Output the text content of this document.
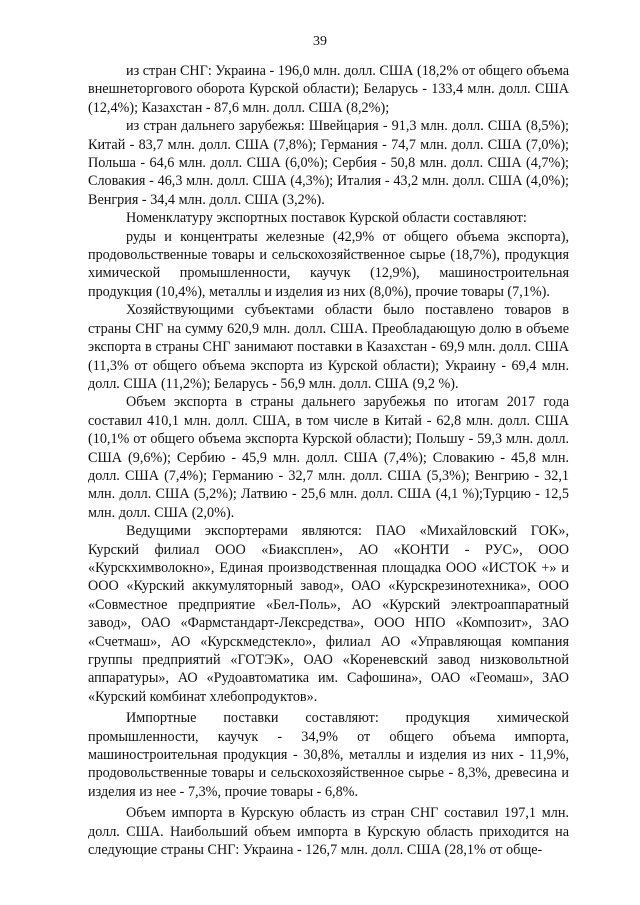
39

из стран СНГ: Украина - 196,0 млн. долл. США (18,2% от общего объема внешнеторгового оборота Курской области); Беларусь - 133,4 млн. долл. США (12,4%); Казахстан - 87,6 млн. долл. США (8,2%);

из стран дальнего зарубежья: Швейцария - 91,3 млн. долл. США (8,5%); Китай - 83,7 млн. долл. США (7,8%); Германия - 74,7 млн. долл. США (7,0%); Польша - 64,6 млн. долл. США (6,0%); Сербия - 50,8 млн. долл. США (4,7%); Словакия - 46,3 млн. долл. США (4,3%); Италия - 43,2 млн. долл. США (4,0%); Венгрия - 34,4 млн. долл. США (3,2%).

Номенклатуру экспортных поставок Курской области составляют:

руды и концентраты железные (42,9% от общего объема экспорта), продовольственные товары и сельскохозяйственное сырье (18,7%), продукция химической промышленности, каучук (12,9%), машиностроительная продукция (10,4%), металлы и изделия из них (8,0%), прочие товары (7,1%).

Хозяйствующими субъектами области было поставлено товаров в страны СНГ на сумму 620,9 млн. долл. США. Преобладающую долю в объеме экспорта в страны СНГ занимают поставки в Казахстан - 69,9 млн. долл. США (11,3% от общего объема экспорта из Курской области); Украину - 69,4 млн. долл. США (11,2%); Беларусь - 56,9 млн. долл. США (9,2 %).

Объем экспорта в страны дальнего зарубежья по итогам 2017 года составил 410,1 млн. долл. США, в том числе в Китай - 62,8 млн. долл. США (10,1% от общего объема экспорта Курской области); Польшу - 59,3 млн. долл. США (9,6%); Сербию - 45,9 млн. долл. США (7,4%); Словакию - 45,8 млн. долл. США (7,4%); Германию - 32,7 млн. долл. США (5,3%); Венгрию - 32,1 млн. долл. США (5,2%); Латвию - 25,6 млн. долл. США (4,1 %);Турцию - 12,5 млн. долл. США (2,0%).

Ведущими экспортерами являются: ПАО «Михайловский ГОК», Курский филиал ООО «Биакcплен», АО «КОНТИ - РУС», ООО «Курскхимволокно», Единая производственная площадка ООО «ИСТОК +» и ООО «Курский аккумуляторный завод», ОАО «Курскрезинотехника», ООО «Совместное предприятие «Бел-Поль», АО «Курский электроаппаратный завод», ОАО «Фармстандарт-Лексредства», ООО НПО «Композит», ЗАО «Счетмаш», АО «Курскмедстекло», филиал АО «Управляющая компания группы предприятий «ГОТЭК», ОАО «Кореневский завод низковольтной аппаратуры», АО «Рудоавтоматика им. Сафошина», ОАО «Геомаш», ЗАО «Курский комбинат хлебопродуктов».

Импортные поставки составляют: продукция химической промышленности, каучук - 34,9% от общего объема импорта, машиностроительная продукция - 30,8%, металлы и изделия из них - 11,9%, продовольственные товары и сельскохозяйственное сырье - 8,3%, древесина и изделия из нее - 7,3%, прочие товары - 6,8%.

Объем импорта в Курскую область из стран СНГ составил 197,1 млн. долл. США. Наибольший объем импорта в Курскую область приходится на следующие страны СНГ: Украина - 126,7 млн. долл. США (28,1% от обще-
